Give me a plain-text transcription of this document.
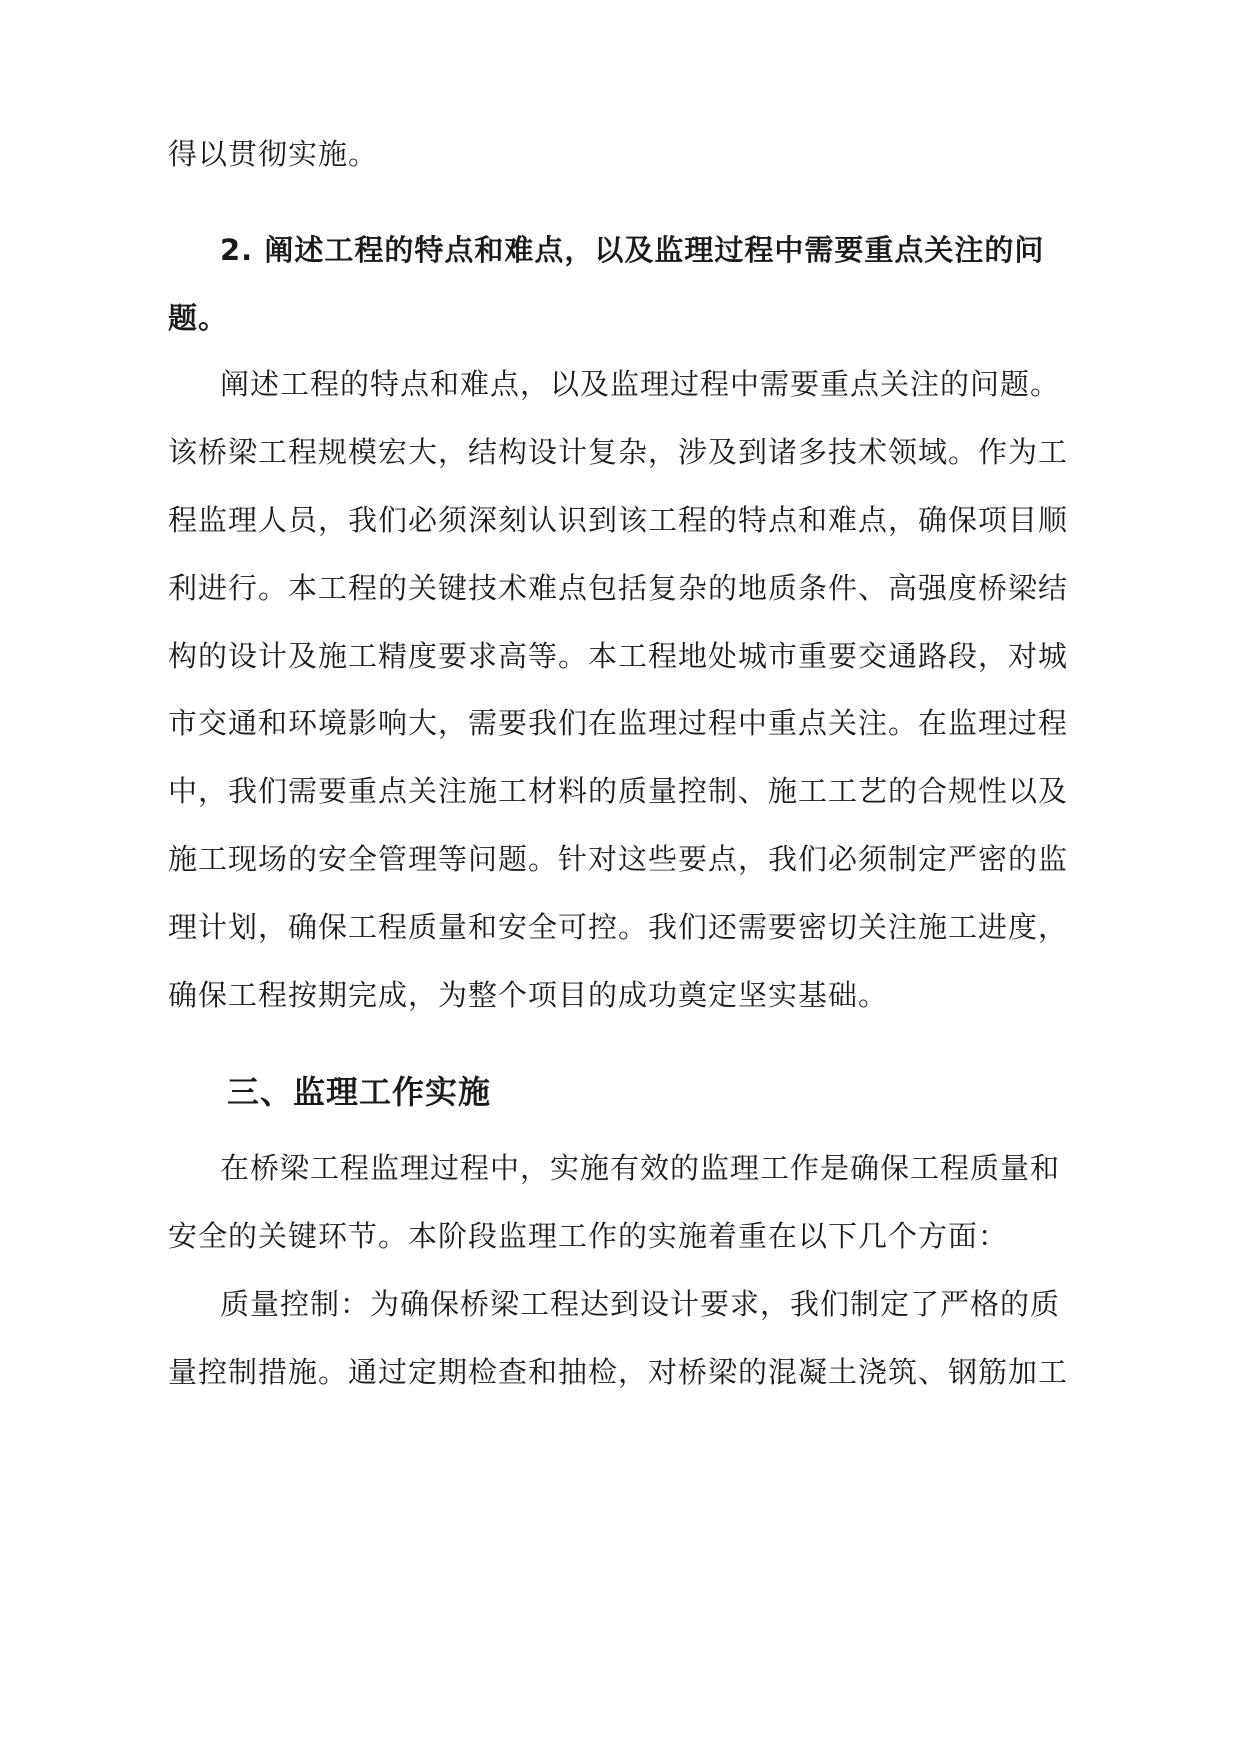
得以贯彻实施。
2. 阐述工程的特点和难点，以及监理过程中需要重点关注的问
题。
阐述工程的特点和难点，以及监理过程中需要重点关注的问题。
该桥梁工程规模宏大，结构设计复杂，涉及到诸多技术领域。作为工
程监理人员，我们必须深刻认识到该工程的特点和难点，确保项目顺
利进行。本工程的关键技术难点包括复杂的地质条件、高强度桥梁结
构的设计及施工精度要求高等。本工程地处城市重要交通路段，对城
市交通和环境影响大，需要我们在监理过程中重点关注。在监理过程
中，我们需要重点关注施工材料的质量控制、施工工艺的合规性以及
施工现场的安全管理等问题。针对这些要点，我们必须制定严密的监
理计划，确保工程质量和安全可控。我们还需要密切关注施工进度，
确保工程按期完成，为整个项目的成功奠定坚实基础。
三、监理工作实施
在桥梁工程监理过程中，实施有效的监理工作是确保工程质量和
安全的关键环节。本阶段监理工作的实施着重在以下几个方面：
质量控制：为确保桥梁工程达到设计要求，我们制定了严格的质
量控制措施。通过定期检查和抽检，对桥梁的混凝土浇筑、钢筋加工
